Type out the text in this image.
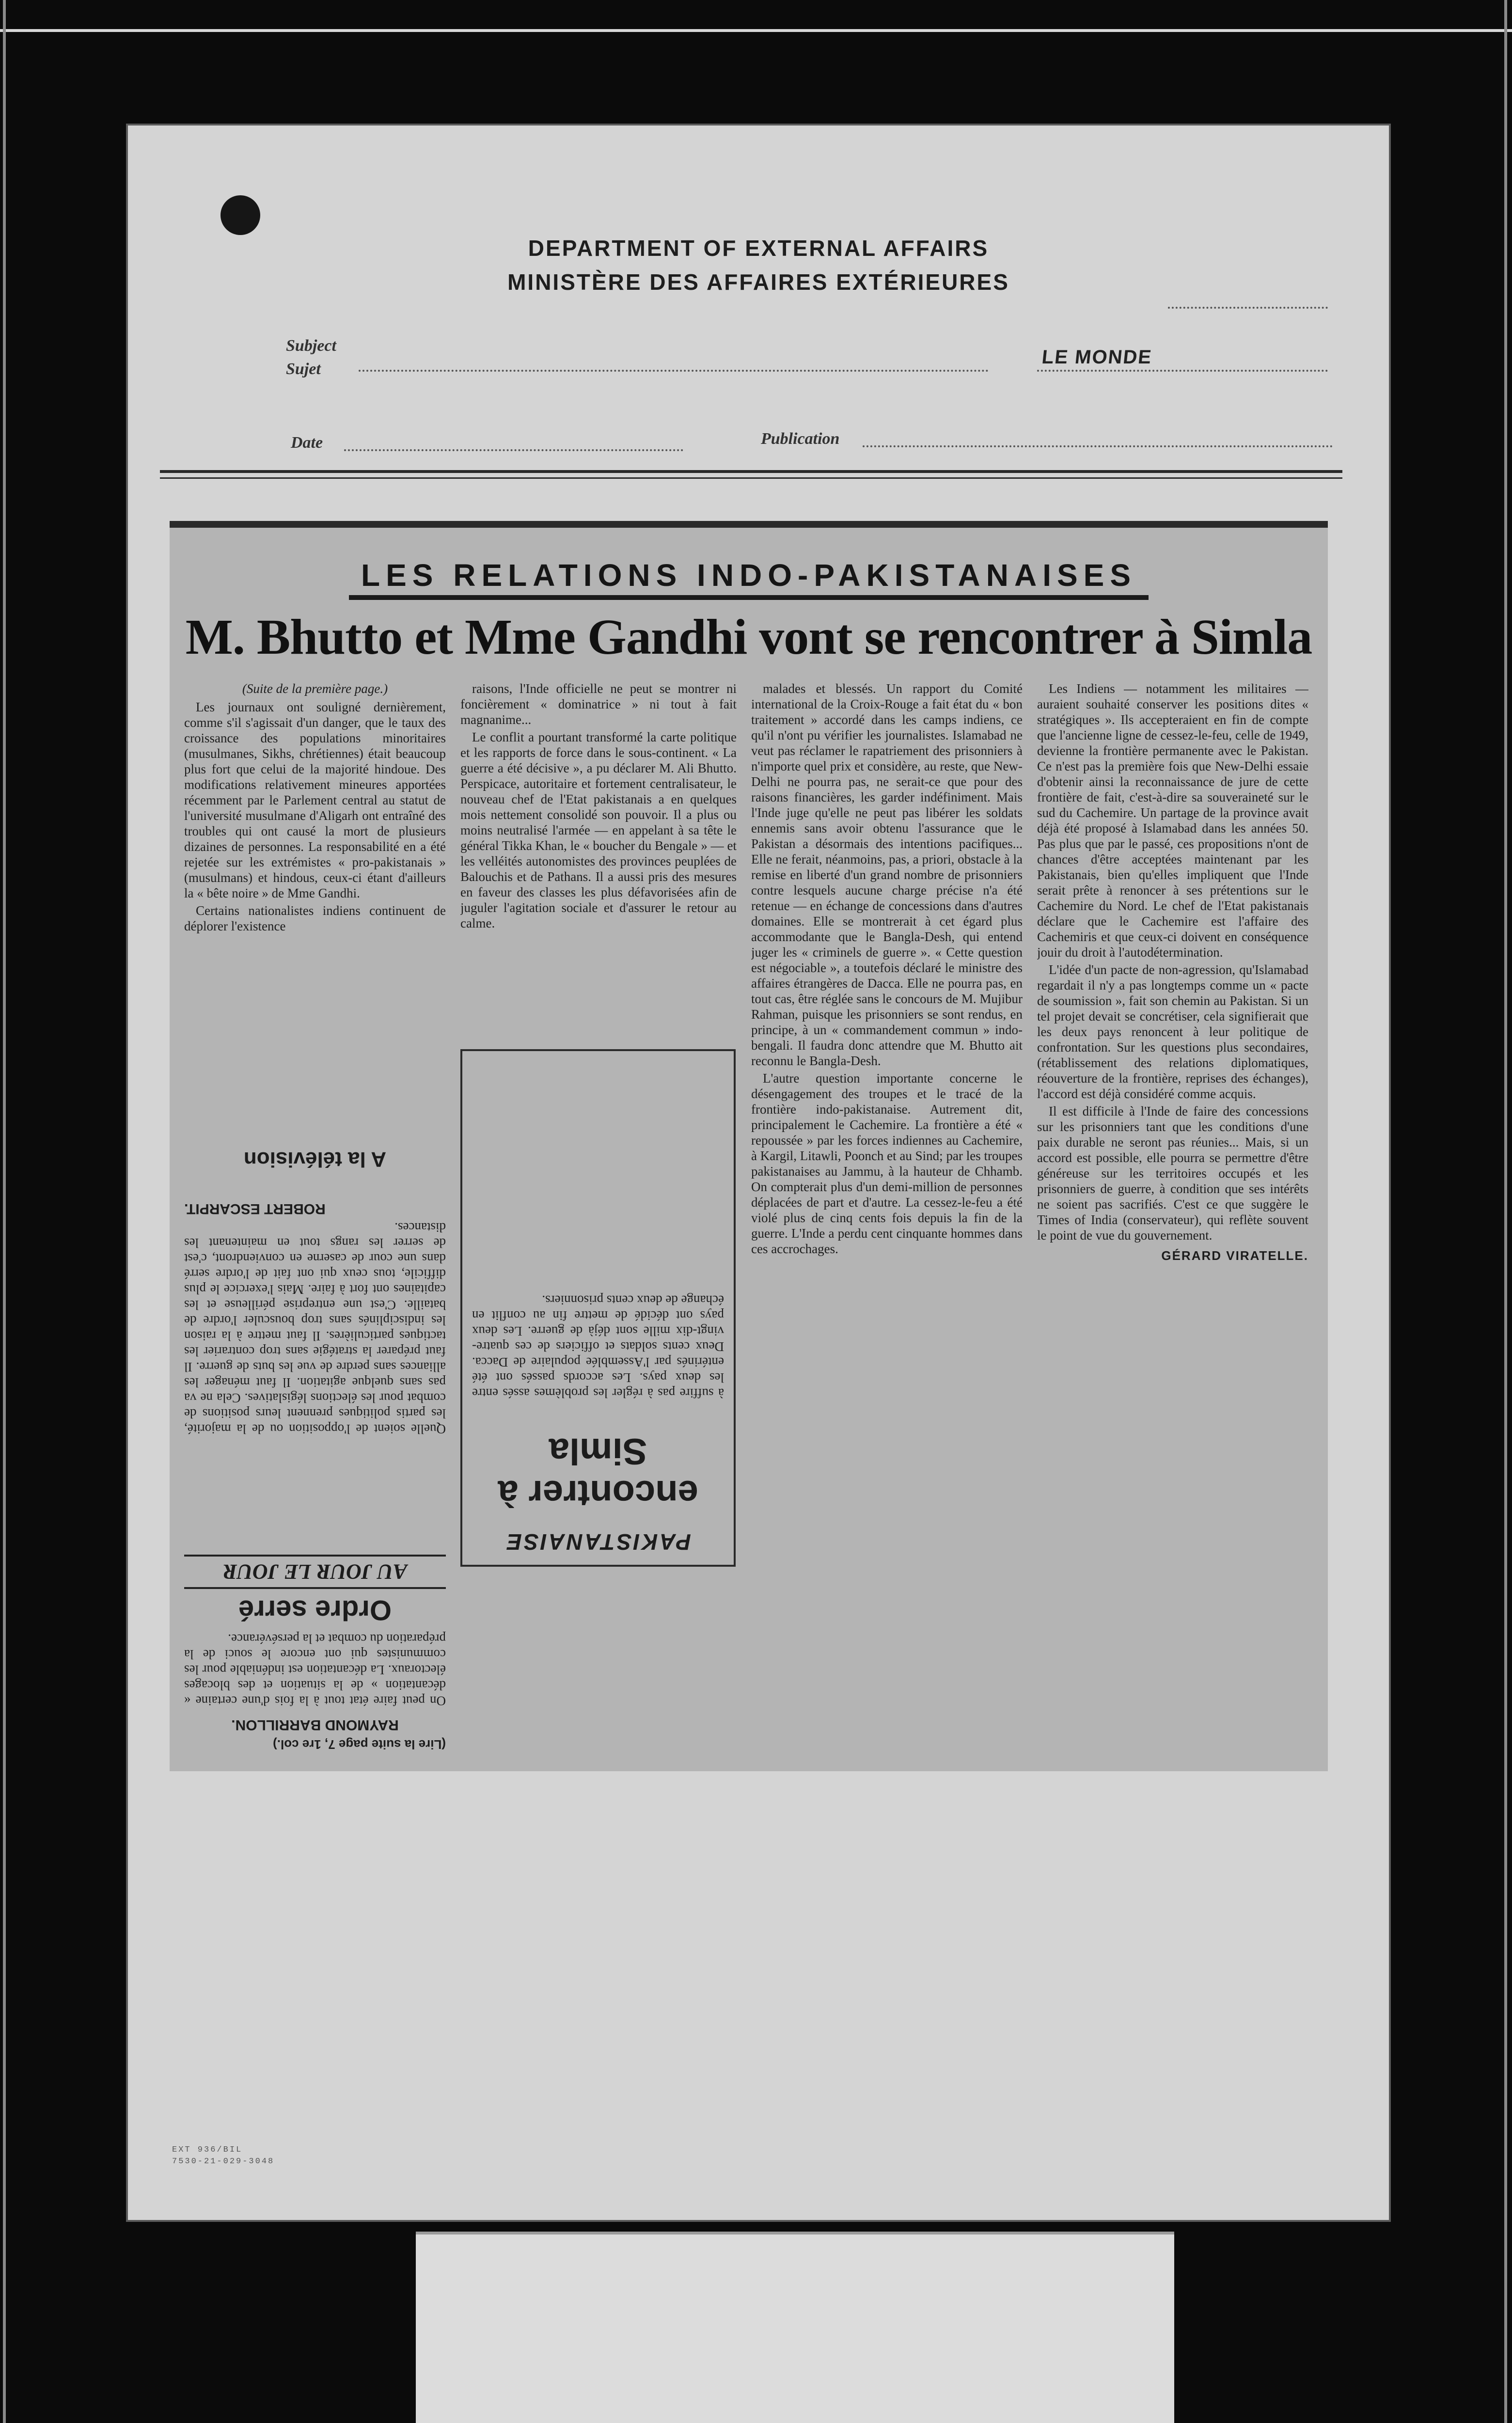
DEPARTMENT OF EXTERNAL AFFAIRS
MINISTÈRE DES AFFAIRES EXTÉRIEURES
Subject
Sujet
LE MONDE
Date	Publication
LES RELATIONS INDO-PAKISTANAISES
M. Bhutto et Mme Gandhi vont se rencontrer à Simla

(Suite de la première page.)

Les journaux ont souligné dernièrement, comme s'il s'agissait d'un danger, que le taux des croissance des populations minoritaires (musulmanes, Sikhs, chrétiennes) était beaucoup plus fort que celui de la majorité hindoue. Des modifications relativement mineures apportées récemment par le Parlement central au statut de l'université musulmane d'Aligarh ont entraîné des troubles qui ont causé la mort de plusieurs dizaines de personnes. La responsabilité en a été rejetée sur les extrémistes « pro-pakistanais » (musulmans) et hindous, ceux-ci étant d'ailleurs la « bête noire » de Mme Gandhi.

Certains nationalistes indiens continuent de déplorer l'existence

raisons, l'Inde officielle ne peut se montrer ni foncièrement « dominatrice » ni tout à fait magnanime...

Le conflit a pourtant transformé la carte politique et les rapports de force dans le sous-continent. « La guerre a été décisive », a pu déclarer M. Ali Bhutto. Perspicace, autoritaire et fortement centralisateur, le nouveau chef de l'Etat pakistanais a en quelques mois nettement consolidé son pouvoir. Il a plus ou moins neutralisé l'armée — en appelant à sa tête le général Tikka Khan, le « boucher du Bengale » — et les velléités autonomistes des provinces peuplées de Balouchis et de Pathans. Il a aussi pris des mesures en faveur des classes les plus défavorisées afin de juguler l'agitation sociale et d'assurer le retour au calme.

malades et blessés. Un rapport du Comité international de la Croix-Rouge a fait état du « bon traitement » accordé dans les camps indiens, ce qu'il n'ont pu vérifier les journalistes. Islamabad ne veut pas réclamer le rapatriement des prisonniers à n'importe quel prix et considère, au reste, que New-Delhi ne pourra pas, ne serait-ce que pour des raisons financières, les garder indéfiniment. Mais l'Inde juge qu'elle ne peut pas libérer les soldats ennemis sans avoir obtenu l'assurance que le Pakistan a désormais des intentions pacifiques... Elle ne ferait, néanmoins, pas, a priori, obstacle à la remise en liberté d'un grand nombre de prisonniers contre lesquels aucune charge précise n'a été retenue — en échange de concessions dans d'autres domaines. Elle se montrerait à cet égard plus accommodante que le Bangla-Desh, qui entend juger les « criminels de guerre ». « Cette question est négociable », a toutefois déclaré le ministre des affaires étrangères de Dacca. Elle ne pourra pas, en tout cas, être réglée sans le concours de M. Mujibur Rahman, puisque les prisonniers se sont rendus, en principe, à un « commandement commun » indo-bengali. Il faudra donc attendre que M. Bhutto ait reconnu le Bangla-Desh.

L'autre question importante concerne le désengagement des troupes et le tracé de la frontière indo-pakistanaise. Autrement dit, principalement le Cachemire. La frontière a été « repoussée » par les forces indiennes au Cachemire, à Kargil, Litawli, Poonch et au Sind; par les troupes pakistanaises au Jammu, à la hauteur de Chhamb. On compterait plus d'un demi-million de personnes déplacées de part et d'autre. La cessez-le-feu a été violé plus de cinq cents fois depuis la fin de la guerre. L'Inde a perdu cent cinquante hommes dans ces accrochages.

Les Indiens — notamment les militaires — auraient souhaité conserver les positions dites « stratégiques ». Ils accepteraient en fin de compte que l'ancienne ligne de cessez-le-feu, celle de 1949, devienne la frontière permanente avec le Pakistan. Ce n'est pas la première fois que New-Delhi essaie d'obtenir ainsi la reconnaissance de jure de cette frontière de fait, c'est-à-dire sa souveraineté sur le sud du Cachemire. Un partage de la province avait déjà été proposé à Islamabad dans les années 50. Pas plus que par le passé, ces propositions n'ont de chances d'être acceptées maintenant par les Pakistanais, bien qu'elles impliquent que l'Inde serait prête à renoncer à ses prétentions sur le Cachemire du Nord. Le chef de l'Etat pakistanais déclare que le Cachemire est l'affaire des Cachemiris et que ceux-ci doivent en conséquence jouir du droit à l'autodétermination.

L'idée d'un pacte de non-agression, qu'Islamabad regardait il n'y a pas longtemps comme un « pacte de soumission », fait son chemin au Pakistan. Si un tel projet devait se concrétiser, cela signifierait que les deux pays renoncent à leur politique de confrontation. Sur les questions plus secondaires, (rétablissement des relations diplomatiques, réouverture de la frontière, reprises des échanges), l'accord est déjà considéré comme acquis.

Il est difficile à l'Inde de faire des concessions sur les prisonniers tant que les conditions d'une paix durable ne seront pas réunies... Mais, si un accord est possible, elle pourra se permettre d'être généreuse sur les territoires occupés et les prisonniers de guerre, à condition que ses intérêts ne soient pas sacrifiés. C'est ce que suggère le Times of India (conservateur), qui reflète souvent le point de vue du gouvernement.

GÉRARD VIRATELLE.

Quelle soient de l'opposition ou de la majorité, les partis politiques prennent leurs positions de combat pour les élections législatives. Cela ne va pas sans quelque agitation. Il faut ménager les alliances sans perdre de vue les buts de guerre. Il faut préparer la stratégie sans trop contrarier les tactiques particulières. Il faut mettre à la raison les indisciplinés sans trop bousculer l'ordre de bataille. C'est une entreprise périlleuse et les capitaines ont fort à faire. Mais l'exercice le plus difficile, tous ceux qui ont fait de l'ordre serré dans une cour de caserne en conviendront, c'est de serrer les rangs tout en maintenant les distances.

ROBERT ESCARPIT.
A la télévision
(Lire la suite page 7, 1re col.)
RAYMOND BARRILLON.

On peut faire état tout à la fois d'une certaine « décantation » de la situation et des blocages électoraux. La décantation est indéniable pour les communistes qui ont encore le souci de la préparation du combat et la persévérance.

Ordre serré
AU JOUR LE JOUR
PAKISTANAISE
encontrer à Simla

à suffire pas à régler les problèmes assés entre les deux pays. Les accords passés ont été entérinés par l'Assemblée populaire de Dacca. Deux cents soldats et officiers de ces quatre-vingt-dix mille sont déjà de guerre. Les deux pays ont décidé de mettre fin au conflit en échange de deux cents prisonniers.

EXT 936/BIL
7530-21-029-3048
